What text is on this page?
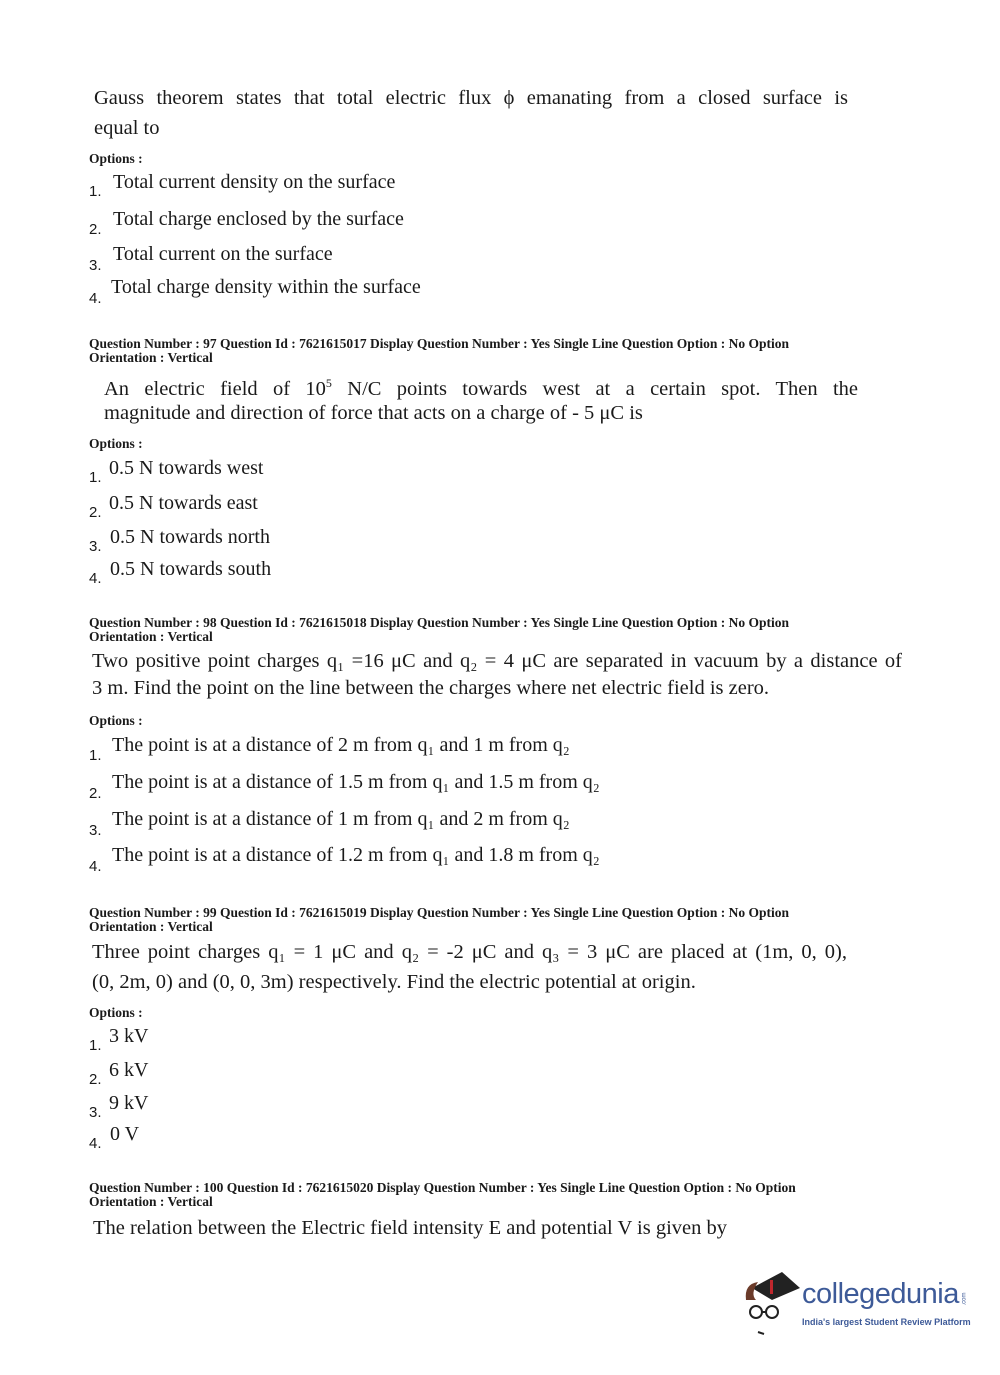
Gauss theorem states that total electric flux ϕ emanating from a closed surface is
equal to
Options :
1. Total current density on the surface
2. Total charge enclosed by the surface
3.
Total current on the surface
4.
Total charge density within the surface
Question Number : 97 Question Id : 7621615017 Display Question Number : Yes Single Line Question Option : No Option
Orientation : Vertical
An electric field of $10^5$ N/C points towards west at a certain spot. Then the
magnitude and direction of force that acts on a charge of - 5 μC is
Options :
1. 0.5 N towards west
2. 0.5 N towards east
3. 0.5 N towards north
4. 0.5 N towards south
Question Number : 98 Question Id : 7621615018 Display Question Number : Yes Single Line Question Option : No Option
Orientation : Vertical
Two positive point charges q₁ =16 μC and q₂ = 4 μC are separated in vacuum by a distance of
3 m. Find the point on the line between the charges where net electric field is zero.
Options :
1. The point is at a distance of 2 m from q₁ and 1 m from q₂
2.
The point is at a distance of 1.5 m from q₁ and 1.5 m from q₂
3.
The point is at a distance of 1 m from q₁ and 2 m from q₂
4.
The point is at a distance of 1.2 m from q₁ and 1.8 m from q₂
Question Number : 99 Question Id : 7621615019 Display Question Number : Yes Single Line Question Option : No Option
Orientation : Vertical
Three point charges q₁ = 1 μC and q₂ = -2 μC and q₃ = 3 μC are placed at (1m, 0, 0),
(0, 2m, 0) and (0, 0, 3m) respectively. Find the electric potential at origin.
Options :
1. 3 kV
2. 6 kV
3. 9 kV
4. 0 V
Question Number : 100 Question Id : 7621615020 Display Question Number : Yes Single Line Question Option : No Option
Orientation : Vertical
The relation between the Electric field intensity E and potential V is given by
collegedunia .com
India's largest Student Review Platform
